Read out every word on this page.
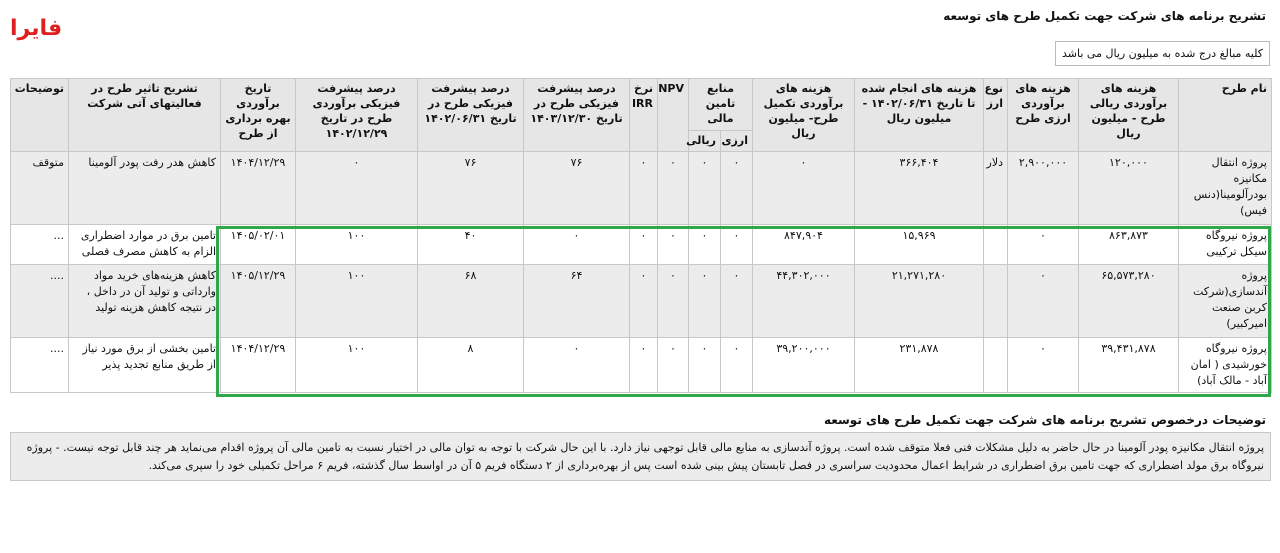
فایرا	تشریح برنامه های شرکت جهت تکمیل طرح های توسعه
کلیه مبالغ درج شده به میلیون ریال می باشد
نام طرح	هزینه های برآوردی ریالی طرح - میلیون ریال	هزینه های برآوردی ارزی طرح	نوع ارز	هزینه های انجام شده تا تاریخ ۱۴۰۲/۰۶/۳۱ - میلیون ریال	هزینه های برآوردی تکمیل طرح- میلیون ریال	منابع تامین مالی		NPV	نرخ IRR	درصد پیشرفت فیزیکی طرح در تاریخ ۱۴۰۳/۱۲/۳۰	درصد پیشرفت فیزیکی طرح در تاریخ ۱۴۰۲/۰۶/۳۱	درصد پیشرفت فیزیکی برآوردی طرح در تاریخ ۱۴۰۲/۱۲/۲۹	تاریخ برآوردی بهره برداری از طرح	تشریح تاثیر طرح در فعالیتهای آتی شرکت	توضیحات
						ارزی	ریالی								
پروژه انتقال مکانیزه بودرآلومینا(دنس فیس)	۱۲۰,۰۰۰	۲,۹۰۰,۰۰۰	دلار	۳۶۶,۴۰۴	۰	۰	۰	۰	۰	۷۶	۷۶	۰	۱۴۰۴/۱۲/۲۹	کاهش هدر رفت پودر آلومینا	متوقف
پروژه نیروگاه سیکل ترکیبی	۸۶۳,۸۷۳	۰		۱۵,۹۶۹	۸۴۷,۹۰۴	۰	۰	۰	۰	۰	۴۰	۱۰۰	۱۴۰۵/۰۲/۰۱	تامین برق در موارد اضطراری الزام به کاهش مصرف فصلی	...
پروژه آندسازی(شرکت کربن صنعت امیرکبیر)	۶۵,۵۷۳,۲۸۰	۰		۲۱,۲۷۱,۲۸۰	۴۴,۳۰۲,۰۰۰	۰	۰	۰	۰	۶۴	۶۸	۱۰۰	۱۴۰۵/۱۲/۲۹	کاهش هزینه‌های خرید مواد وارداتی و تولید آن در داخل ، در نتیجه کاهش هزینه تولید	....
پروژه نیروگاه خورشیدی ( امان آباد - مالک آباد)	۳۹,۴۳۱,۸۷۸	۰		۲۳۱,۸۷۸	۳۹,۲۰۰,۰۰۰	۰	۰	۰	۰	۰	۸	۱۰۰	۱۴۰۴/۱۲/۲۹	تامین بخشی از برق مورد نیاز از طریق منابع تجدید پذیر	....
توضیحات درخصوص تشریح برنامه های شرکت جهت تکمیل طرح های توسعه
پروژه انتقال مکانیزه پودر آلومینا در حال حاضر به دلیل مشکلات فنی فعلا متوقف شده است. پروژه آندسازی به منابع مالی قابل توجهی نیاز دارد. با این حال شرکت با توجه به توان مالی در اختیار نسبت به تامین مالی آن پروژه اقدام می‌نماید هر چند قابل توجه نیست. - پروژه نیروگاه برق مولد اضطراری که جهت تامین برق اضطراری در شرایط اعمال محدودیت سراسری در فصل تابستان پیش بینی شده است پس از بهره‌برداری از ۲ دستگاه فریم ۵ آن در اواسط سال گذشته، فریم ۶ مراحل تکمیلی خود را سپری می‌کند.
